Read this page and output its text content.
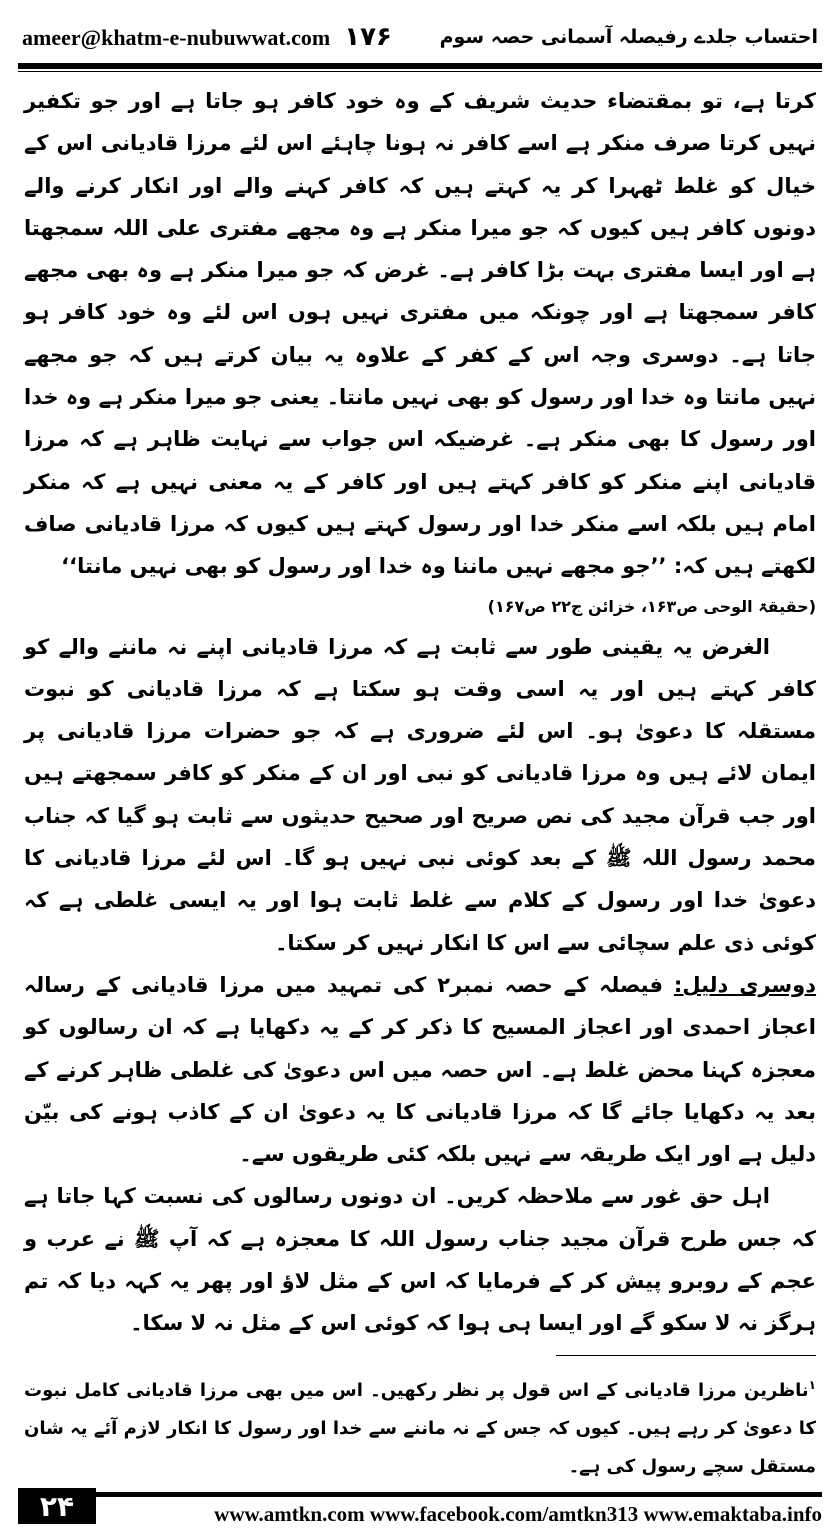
ameer@khatm-e-nubuwwat.com ۱۷۶	احتساب جلدے رفیصلہ آسمانی حصہ سوم

کرتا ہے، تو بمقتضاء حدیث شریف کے وہ خود کافر ہو جاتا ہے اور جو تکفیر نہیں کرتا صرف منکر ہے اسے کافر نہ ہونا چاہئے اس لئے مرزا قادیانی اس کے خیال کو غلط ٹھہرا کر یہ کہتے ہیں کہ کافر کہنے والے اور انکار کرنے والے دونوں کافر ہیں کیوں کہ جو میرا منکر ہے وہ مجھے مفتری علی اللہ سمجھتا ہے اور ایسا مفتری بہت بڑا کافر ہے۔ غرض کہ جو میرا منکر ہے وہ بھی مجھے کافر سمجھتا ہے اور چونکہ میں مفتری نہیں ہوں اس لئے وہ خود کافر ہو جاتا ہے۔ دوسری وجہ اس کے کفر کے علاوہ یہ بیان کرتے ہیں کہ جو مجھے نہیں مانتا وہ خدا اور رسول کو بھی نہیں مانتا۔ یعنی جو میرا منکر ہے وہ خدا اور رسول کا بھی منکر ہے۔ غرضیکہ اس جواب سے نہایت ظاہر ہے کہ مرزا قادیانی اپنے منکر کو کافر کہتے ہیں اور کافر کے یہ معنی نہیں ہے کہ منکر امام ہیں بلکہ اسے منکر خدا اور رسول کہتے ہیں کیوں کہ مرزا قادیانی صاف لکھتے ہیں کہ: ’’جو مجھے نہیں ماننا وہ خدا اور رسول کو بھی نہیں مانتا‘‘

(حقیقۃ الوحی ص۱۶۳، خزائن ج۲۲ ص۱۶۷)

الغرض یہ یقینی طور سے ثابت ہے کہ مرزا قادیانی اپنے نہ ماننے والے کو کافر کہتے ہیں اور یہ اسی وقت ہو سکتا ہے کہ مرزا قادیانی کو نبوت مستقلہ کا دعویٰ ہو۔ اس لئے ضروری ہے کہ جو حضرات مرزا قادیانی پر ایمان لائے ہیں وہ مرزا قادیانی کو نبی اور ان کے منکر کو کافر سمجھتے ہیں اور جب قرآن مجید کی نص صریح اور صحیح حدیثوں سے ثابت ہو گیا کہ جناب محمد رسول اللہ ﷺ کے بعد کوئی نبی نہیں ہو گا۔ اس لئے مرزا قادیانی کا دعویٰ خدا اور رسول کے کلام سے غلط ثابت ہوا اور یہ ایسی غلطی ہے کہ کوئی ذی علم سچائی سے اس کا انکار نہیں کر سکتا۔

دوسری دلیل: فیصلہ کے حصہ نمبر۲ کی تمہید میں مرزا قادیانی کے رسالہ اعجاز احمدی اور اعجاز المسیح کا ذکر کر کے یہ دکھایا ہے کہ ان رسالوں کو معجزہ کہنا محض غلط ہے۔ اس حصہ میں اس دعویٰ کی غلطی ظاہر کرنے کے بعد یہ دکھایا جائے گا کہ مرزا قادیانی کا یہ دعویٰ ان کے کاذب ہونے کی بیّن دلیل ہے اور ایک طریقہ سے نہیں بلکہ کئی طریقوں سے۔

اہل حق غور سے ملاحظہ کریں۔ ان دونوں رسالوں کی نسبت کہا جاتا ہے کہ جس طرح قرآن مجید جناب رسول اللہ کا معجزہ ہے کہ آپ ﷺ نے عرب و عجم کے روبرو پیش کر کے فرمایا کہ اس کے مثل لاؤ اور پھر یہ کہہ دیا کہ تم ہرگز نہ لا سکو گے اور ایسا ہی ہوا کہ کوئی اس کے مثل نہ لا سکا۔

$^۱$ناظرین مرزا قادیانی کے اس قول پر نظر رکھیں۔ اس میں بھی مرزا قادیانی کامل نبوت کا دعویٰ کر رہے ہیں۔ کیوں کہ جس کے نہ ماننے سے خدا اور رسول کا انکار لازم آئے یہ شان مستقل سچے رسول کی ہے۔

۲۴	www.amtkn.com www.facebook.com/amtkn313 www.emaktaba.info
